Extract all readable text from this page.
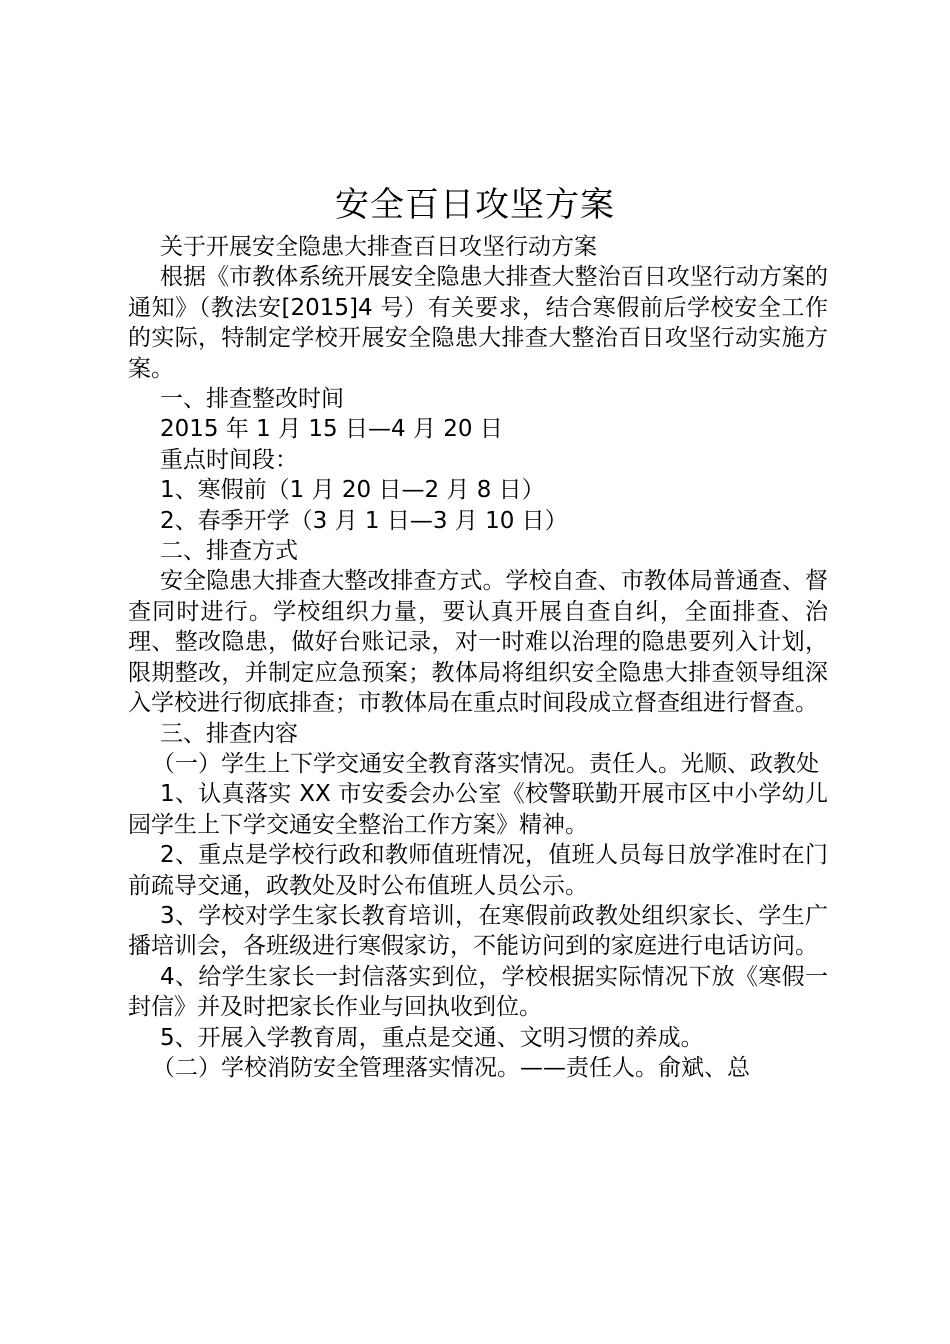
安全百日攻坚方案

关于开展安全隐患大排查百日攻坚行动方案

根据《市教体系统开展安全隐患大排查大整治百日攻坚行动方案的通知》（教法安[2015]4 号）有关要求，结合寒假前后学校安全工作的实际，特制定学校开展安全隐患大排查大整治百日攻坚行动实施方案。

一、排查整改时间

2015 年 1 月 15 日—4 月 20 日

重点时间段：

1、寒假前（1 月 20 日—2 月 8 日）

2、春季开学（3 月 1 日—3 月 10 日）

二、排查方式

安全隐患大排查大整改排查方式。学校自查、市教体局普通查、督查同时进行。学校组织力量，要认真开展自查自纠，全面排查、治理、整改隐患，做好台账记录，对一时难以治理的隐患要列入计划，限期整改，并制定应急预案；教体局将组织安全隐患大排查领导组深入学校进行彻底排查；市教体局在重点时间段成立督查组进行督查。

三、排查内容

（一）学生上下学交通安全教育落实情况。责任人。光顺、政教处

1、认真落实 XX 市安委会办公室《校警联勤开展市区中小学幼儿园学生上下学交通安全整治工作方案》精神。

2、重点是学校行政和教师值班情况，值班人员每日放学准时在门前疏导交通，政教处及时公布值班人员公示。

3、学校对学生家长教育培训，在寒假前政教处组织家长、学生广播培训会，各班级进行寒假家访，不能访问到的家庭进行电话访问。

4、给学生家长一封信落实到位，学校根据实际情况下放《寒假一封信》并及时把家长作业与回执收到位。

5、开展入学教育周，重点是交通、文明习惯的养成。

（二）学校消防安全管理落实情况。——责任人。俞斌、总
